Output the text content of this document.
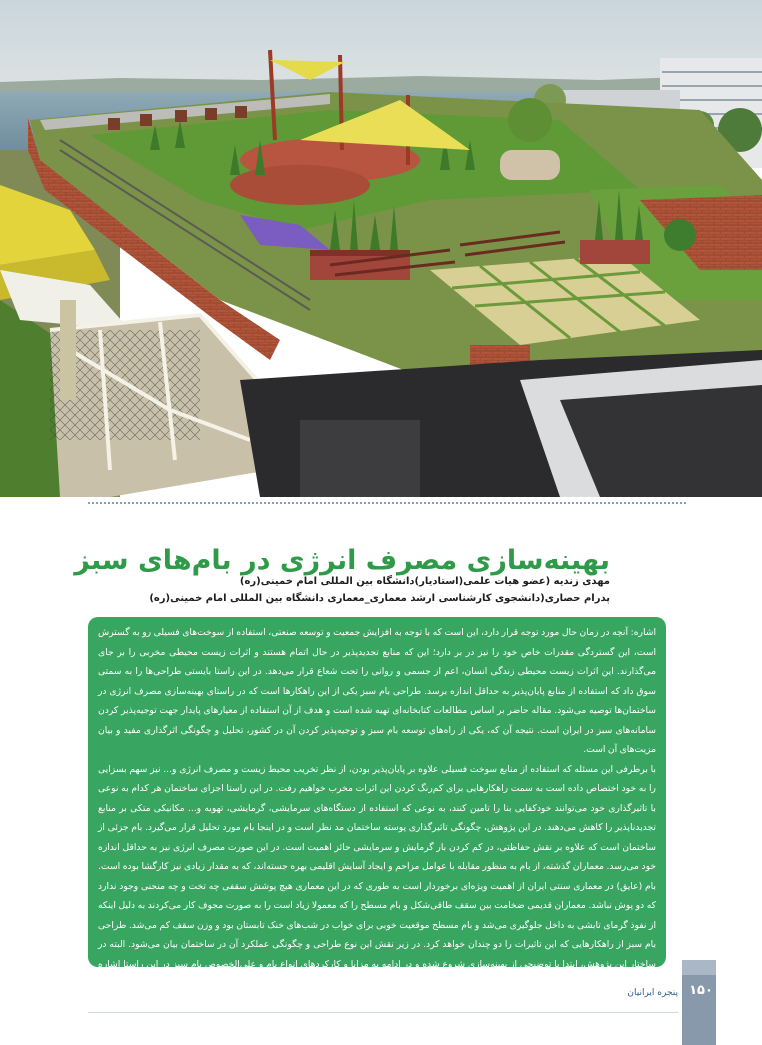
بهینه‌سازی مصرف انرژی در بام‌های سبز
مهدی زندیه (عضو هیات علمی(استادیار)دانشگاه بین المللی امام خمینی(ره)
پدرام حصاری(دانشجوی کارشناسی ارشد معماری_معماری دانشگاه بین المللی امام خمینی(ره)

اشاره: آنچه در زمان حال مورد توجه قرار دارد، این است که با توجه به افزایش جمعیت و توسعه صنعتی، استفاده از سوخت‌های فسیلی رو به گسترش است، این گستردگی مقدرات خاص خود را نیز در بر دارد؛ این که منابع تجدیدپذیر در حال اتمام هستند و اثرات زیست محیطی مخربی را بر جای می‌گذارند. این اثرات زیست محیطی زندگی انسان، اعم از جسمی و روانی را تحت شعاع قرار می‌دهد. در این راستا بایستی طراحی‌ها را به سمتی سوق داد که استفاده از منابع پایان‌پذیر به حداقل اندازه برسد. طراحی بام سبز یکی از این راهکارها است که در راستای بهینه‌سازی مصرف انرژی در ساختمان‌ها توصیه می‌شود. مقاله حاضر بر اساس مطالعات کتابخانه‌ای تهیه شده است و هدف از آن استفاده از معیارهای پایدار جهت توجیه‌پذیر کردن سامانه‌های سبز در ایران است. نتیجه آن که، یکی از راه‌های توسعه بام سبز و توجیه‌پذیر کردن آن در کشور، تحلیل و چگونگی اثرگذاری مفید و بیان مزیت‌های آن است.

با برطرفی این مسئله که استفاده از منابع سوخت فسیلی علاوه بر پایان‌پذیر بودن، از نظر تخریب محیط زیست و مصرف انرژی و... نیز سهم بسزایی را به خود اختصاص داده است به سمت راهکارهایی برای کم‌رنگ کردن این اثرات مخرب خواهیم رفت. در این راستا اجزای ساختمان هر کدام به نوعی با تاثیرگذاری خود می‌توانند خودکفایی بنا را تامین کنند، به نوعی که استفاده از دستگاه‌های سرمایشی، گرمایشی، تهویه و... مکانیکی متکی بر منابع تجدیدناپذیر را کاهش می‌دهند. در این پژوهش، چگونگی تاثیرگذاری پوسته ساختمان مد نظر است و در اینجا بام مورد تحلیل قرار می‌گیرد. بام جزئی از ساختمان است که علاوه بر نقش حفاظتی، در کم کردن بار گرمایش و سرمایشی حائز اهمیت است. در این صورت مصرف انرژی نیز به حداقل اندازه خود می‌رسد. معماران گذشته، از بام به منظور مقابله با عوامل مزاحم و ایجاد آسایش اقلیمی بهره جسته‌اند، که به مقدار زیادی نیز کارگشا بوده است. بام (عایق) در معماری سنتی ایران از اهمیت ویژه‌ای برخوردار است به طوری که در این معماری هیچ پوشش سقفی چه تخت و چه منحنی وجود ندارد که دو پوش نباشد. معماران قدیمی ضخامت بین سقف طاقی‌شکل و بام مسطح را که معمولا زیاد است را به صورت مجوف کار می‌کردند به دلیل اینکه از نفوذ گرمای تابشی به داخل جلوگیری می‌شد و بام مسطح موقعیت خوبی برای خواب در شب‌های خنک تابستان بود و وزن سقف کم می‌شد. طراحی بام سبز از راهکارهایی که این تاثیرات را دو چندان خواهد کرد. در زیر نقش این نوع طراحی و چگونگی عملکرد آن در ساختمان بیان می‌شود. البته در ساختار این پژوهش، ابتدا با توضیحی از بهینه‌سازی شروع شده و در ادامه به مزایا و کارکردهای انواع بام و علی‌الخصوص بام سبز در این راستا اشاره خواهد شد.	۱۵۰
پنجره ایرانیان
